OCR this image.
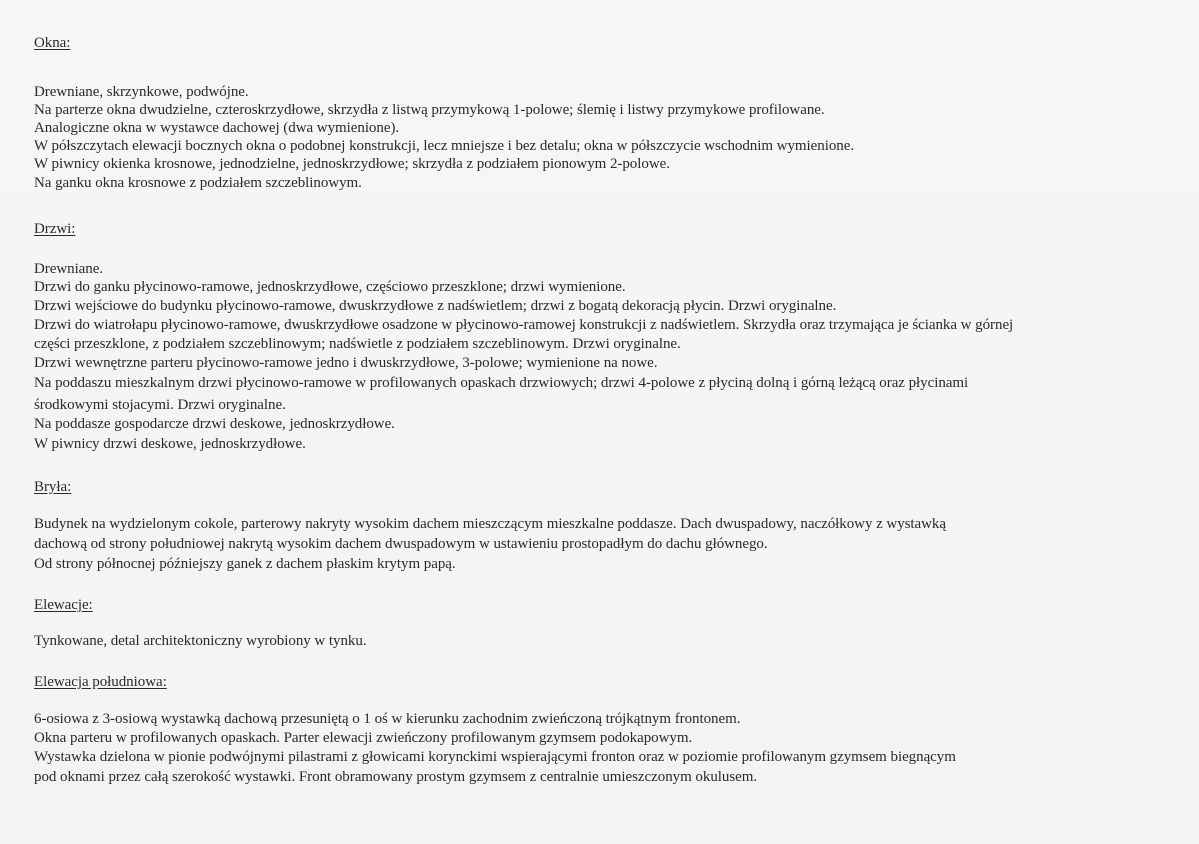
Okna:

Drewniane, skrzynkowe, podwójne.

Na parterze okna dwudzielne, czteroskrzydłowe, skrzydła z listwą przymykową 1-polowe; ślemię i listwy przymykowe profilowane.

Analogiczne okna w wystawce dachowej (dwa wymienione).

W półszczytach elewacji bocznych okna o podobnej konstrukcji, lecz mniejsze i bez detalu; okna w półszczycie wschodnim wymienione.

W piwnicy okienka krosnowe, jednodzielne, jednoskrzydłowe; skrzydła z podziałem pionowym 2-polowe.

Na ganku okna krosnowe z podziałem szczeblinowym.

Drzwi:

Drewniane.

Drzwi do ganku płycinowo-ramowe, jednoskrzydłowe, częściowo przeszklone; drzwi wymienione.

Drzwi wejściowe do budynku płycinowo-ramowe, dwuskrzydłowe z nadświetlem; drzwi z bogatą dekoracją płycin. Drzwi oryginalne.

Drzwi do wiatrołapu płycinowo-ramowe, dwuskrzydłowe osadzone w płycinowo-ramowej konstrukcji z nadświetlem. Skrzydła oraz trzymająca je ścianka w górnej

części przeszklone, z podziałem szczeblinowym; nadświetle z podziałem szczeblinowym. Drzwi oryginalne.

Drzwi wewnętrzne parteru płycinowo-ramowe jedno i dwuskrzydłowe, 3-polowe; wymienione na nowe.

Na poddaszu mieszkalnym drzwi płycinowo-ramowe w profilowanych opaskach drzwiowych; drzwi 4-polowe z płyciną dolną i górną leżącą oraz płycinami

środkowymi stojacymi. Drzwi oryginalne.

Na poddasze gospodarcze drzwi deskowe, jednoskrzydłowe.

W piwnicy drzwi deskowe, jednoskrzydłowe.

Bryła:

Budynek na wydzielonym cokole, parterowy nakryty wysokim dachem mieszczącym mieszkalne poddasze. Dach dwuspadowy, naczółkowy z wystawką

dachową od strony południowej nakrytą wysokim dachem dwuspadowym w ustawieniu prostopadłym do dachu głównego.

Od strony północnej późniejszy ganek z dachem płaskim krytym papą.

Elewacje:

Tynkowane, detal architektoniczny wyrobiony w tynku.

Elewacja południowa:

6-osiowa z 3-osiową wystawką dachową przesuniętą o 1 oś w kierunku zachodnim zwieńczoną trójkątnym frontonem.

Okna parteru w profilowanych opaskach. Parter elewacji zwieńczony profilowanym gzymsem podokapowym.

Wystawka dzielona w pionie podwójnymi pilastrami z głowicami korynckimi wspierającymi fronton oraz w poziomie profilowanym gzymsem biegnącym

pod oknami przez całą szerokość wystawki. Front obramowany prostym gzymsem z centralnie umieszczonym okulusem.
